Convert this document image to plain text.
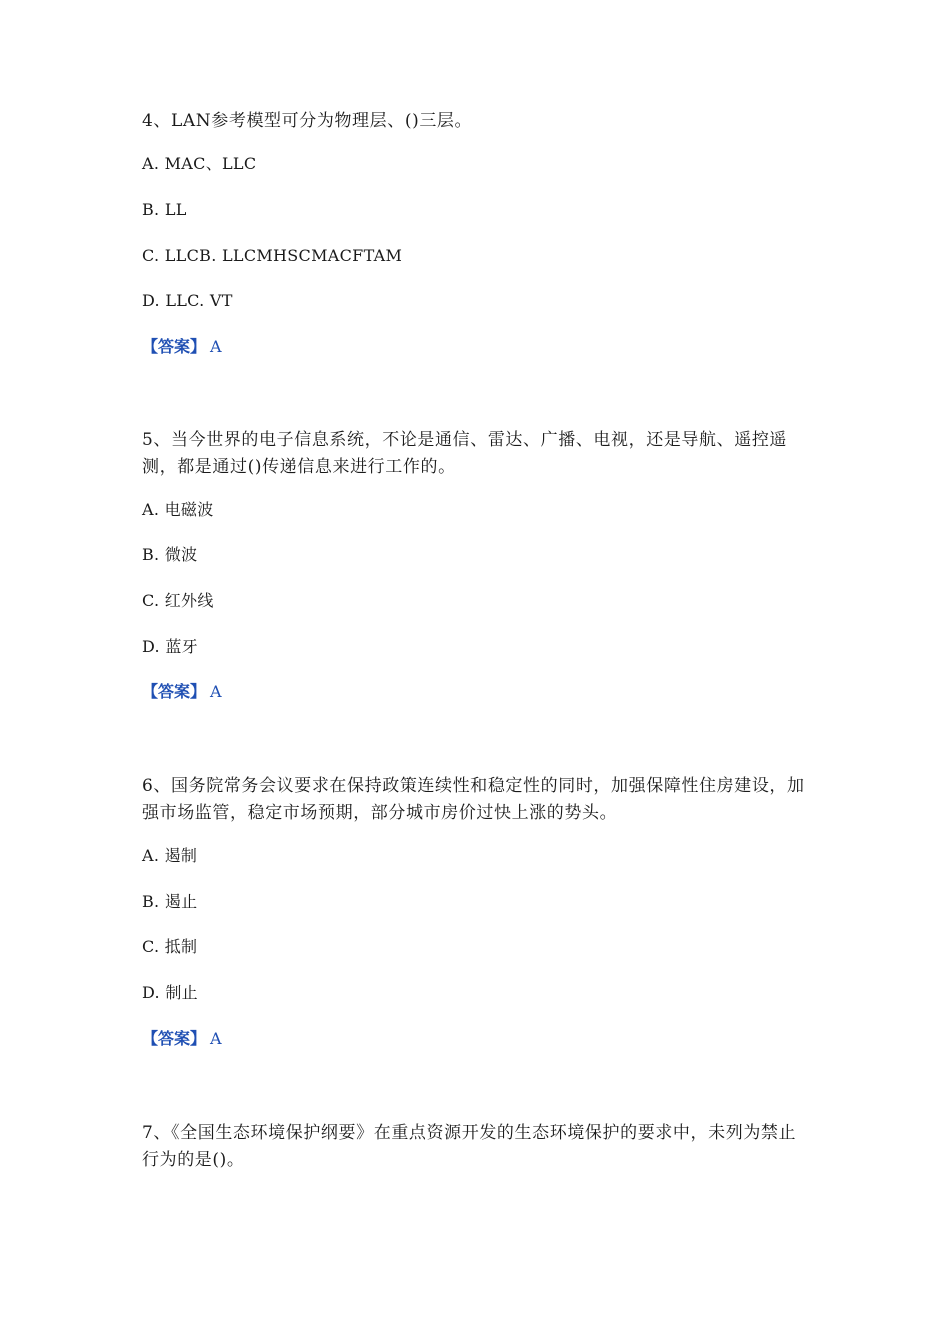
4、LAN参考模型可分为物理层、()三层。

A. MAC、LLC
B. LL
C. LLCB. LLCMHSCMACFTAM
D. LLC. VT
【答案】 A

5、当今世界的电子信息系统，不论是通信、雷达、广播、电视，还是导航、遥控遥测，都是通过()传递信息来进行工作的。

A. 电磁波
B. 微波
C. 红外线
D. 蓝牙
【答案】 A

6、国务院常务会议要求在保持政策连续性和稳定性的同时，加强保障性住房建设，加强市场监管，稳定市场预期，部分城市房价过快上涨的势头。

A. 遏制
B. 遏止
C. 抵制
D. 制止
【答案】 A

7、《全国生态环境保护纲要》在重点资源开发的生态环境保护的要求中，未列为禁止行为的是()。
